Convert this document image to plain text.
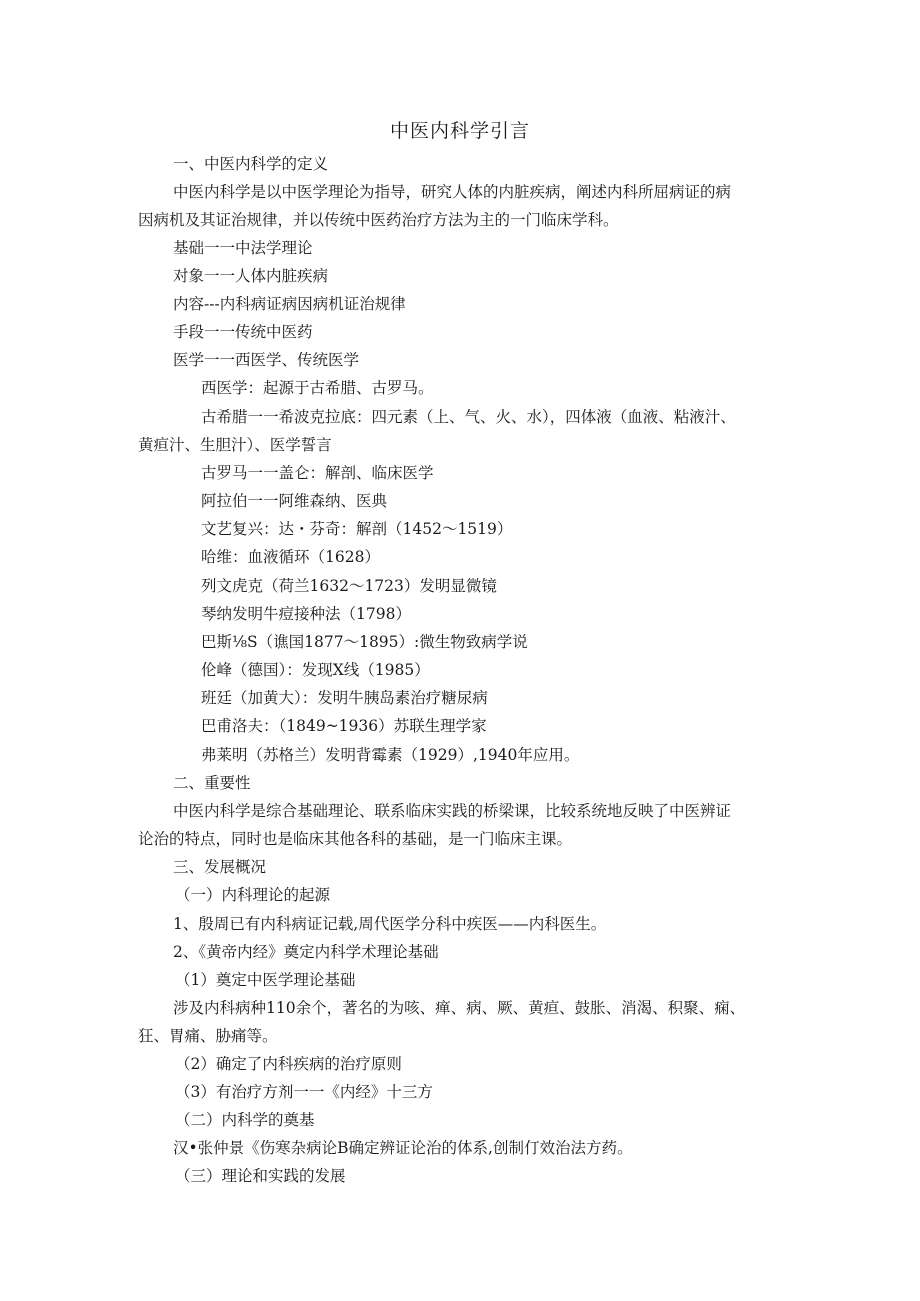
中医内科学引言

一、中医内科学的定义

中医内科学是以中医学理论为指导，研究人体的内脏疾病，阐述内科所屈病证的病

因病机及其证治规律，并以传统中医药治疗方法为主的一门临床学科。

基础一一中法学理论

对象一一人体内脏疾病

内容---内科病证病因病机证治规律

手段一一传统中医药

医学一一西医学、传统医学

西医学：起源于古希腊、古罗马。

古希腊一一希波克拉底：四元素（上、气、火、水），四体液（血液、粘液汁、

黄疸汁、生胆汁）、医学誓言

古罗马一一盖仑：解剖、临床医学

阿拉伯一一阿维森纳、医典

文艺复兴：达・芬奇：解剖（1452〜1519）

哈维：血液循环（1628）

列文虎克（荷兰1632〜1723）发明显微镜

琴纳发明牛痘接种法（1798）

巴斯⅛S（谯国1877〜1895）:微生物致病学说

伦峰（德国）：发现X线（1985）

班廷（加黄大）：发明牛胰岛素治疗糖尿病

巴甫洛夫：（1849~1936）苏联生理学家

弗莱明（苏格兰）发明背霉素（1929）,1940年应用。

二、重要性

中医内科学是综合基础理论、联系临床实践的桥梁课，比较系统地反映了中医辨证

论治的特点，同时也是临床其他各科的基础，是一门临床主课。

三、发展概况

（一）内科理论的起源

1、殷周已有内科病证记载,周代医学分科中疾医——内科医生。

2、《黄帝内经》奠定内科学术理论基础

（1）奠定中医学理论基础

涉及内科病种110余个，著名的为咳、瘅、病、厥、黄疸、鼓胀、消渴、积聚、痫、

狂、胃痛、胁痛等。

（2）确定了内科疾病的治疗原则

（3）有治疗方剂一一《内经》十三方

（二）内科学的奠基

汉•张仲景《伤寒杂病论B确定辨证论治的体系,创制仃效治法方药。

（三）理论和实践的发展
